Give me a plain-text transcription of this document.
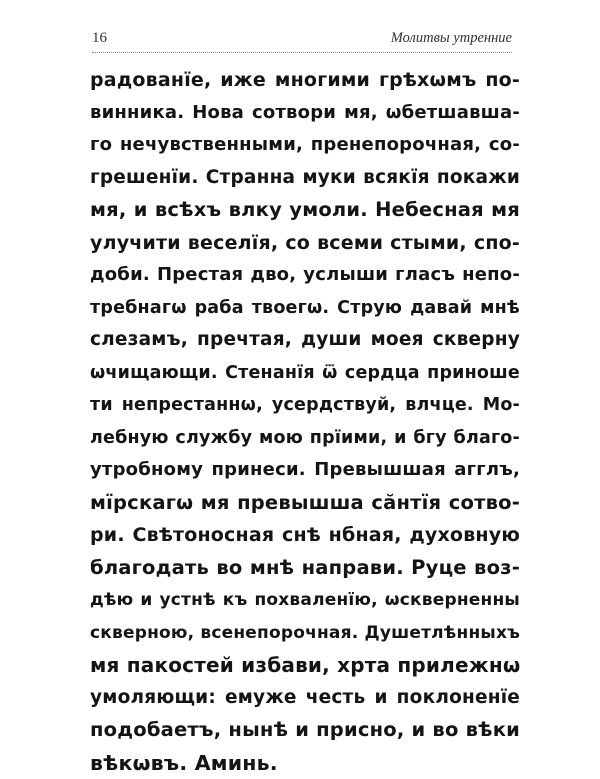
16	Молитвы утренние
радованїе, иже многими грѣхѡмъ по-
винника. Нова сотвори мя, ѡбетшавша-
го нечувственными, пренепорочная, со-
грешенїи. Странна муки всякїя покажи
мя, и всѣхъ влку умоли. Небесная мя
улучити веселїя, со всеми стыми, спо-
доби. Престая дво, услыши гласъ непо-
требнагѡ раба твоегѡ. Струю давай мнѣ
слезамъ, пречтая, души моея скверну
ѡчищающи. Стенанїя ѿ сердца приноше
ти непрестаннѡ, усердствуй, влчце. Мо-
лебную службу мою прїими, и бгу благо-
утробному принеси. Превышшая агглъ,
мїрскагѡ мя превышша сăнтїя сотво-
ри. Свѣтоносная снѣ нбная, духовную
благодать во мнѣ направи. Руце воз-
дѣю и устнѣ къ похваленїю, ѡскверненны
скверною, всенепорочная. Душетлѣнныхъ
мя пакостей избави, хрта прилежнѡ
умоляющи: емуже честь и поклоненїе
подобаетъ, нынѣ и присно, и во вѣки
вѣкѡвъ. Аминь.
